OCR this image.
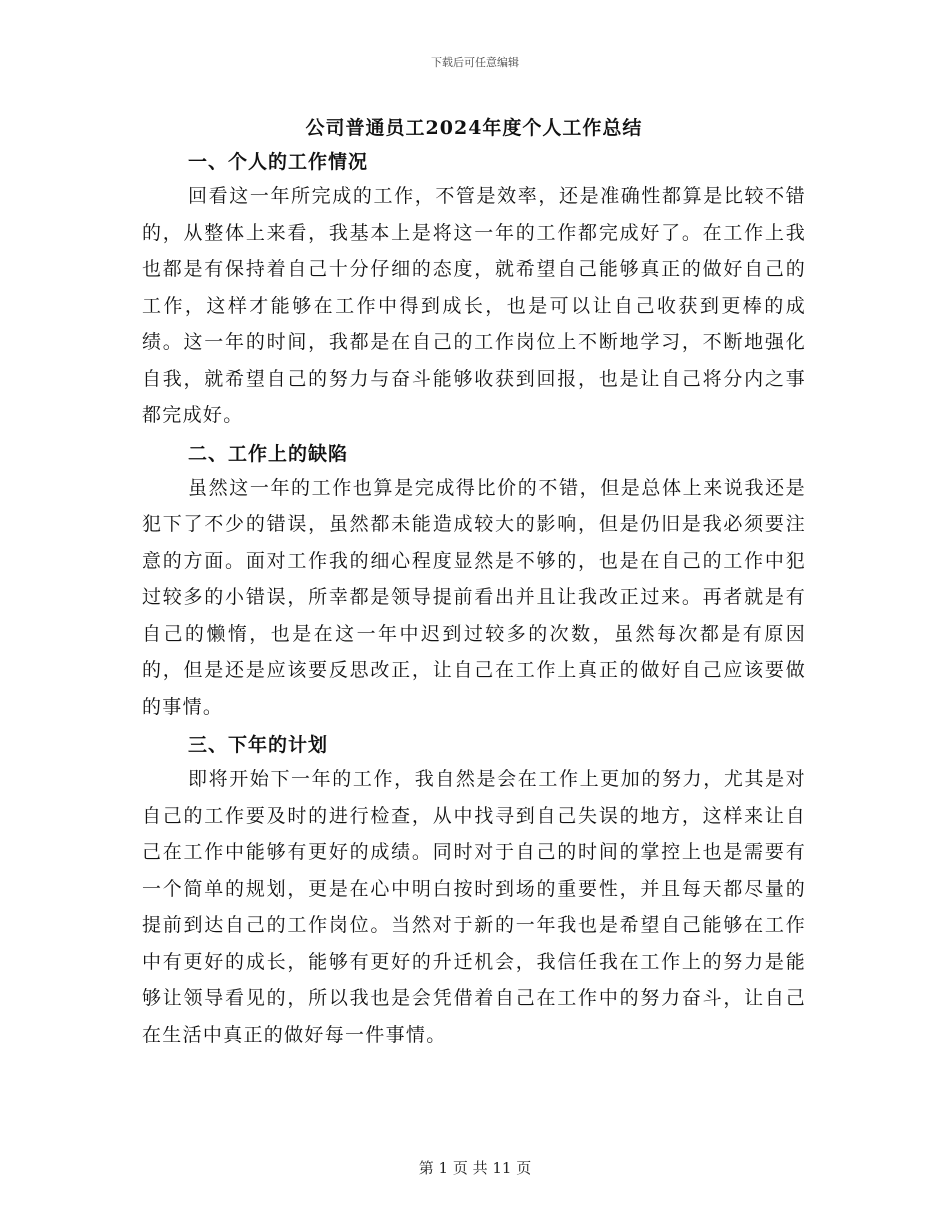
下载后可任意编辑
公司普通员工2024年度个人工作总结
一、个人的工作情况

回看这一年所完成的工作，不管是效率，还是准确性都算是比较不错的，从整体上来看，我基本上是将这一年的工作都完成好了。在工作上我也都是有保持着自己十分仔细的态度，就希望自己能够真正的做好自己的工作，这样才能够在工作中得到成长，也是可以让自己收获到更棒的成绩。这一年的时间，我都是在自己的工作岗位上不断地学习，不断地强化自我，就希望自己的努力与奋斗能够收获到回报，也是让自己将分内之事都完成好。

二、工作上的缺陷

虽然这一年的工作也算是完成得比价的不错，但是总体上来说我还是犯下了不少的错误，虽然都未能造成较大的影响，但是仍旧是我必须要注意的方面。面对工作我的细心程度显然是不够的，也是在自己的工作中犯过较多的小错误，所幸都是领导提前看出并且让我改正过来。再者就是有自己的懒惰，也是在这一年中迟到过较多的次数，虽然每次都是有原因的，但是还是应该要反思改正，让自己在工作上真正的做好自己应该要做的事情。

三、下年的计划

即将开始下一年的工作，我自然是会在工作上更加的努力，尤其是对自己的工作要及时的进行检查，从中找寻到自己失误的地方，这样来让自己在工作中能够有更好的成绩。同时对于自己的时间的掌控上也是需要有一个简单的规划，更是在心中明白按时到场的重要性，并且每天都尽量的提前到达自己的工作岗位。当然对于新的一年我也是希望自己能够在工作中有更好的成长，能够有更好的升迁机会，我信任我在工作上的努力是能够让领导看见的，所以我也是会凭借着自己在工作中的努力奋斗，让自己在生活中真正的做好每一件事情。

第 1 页 共 11 页
